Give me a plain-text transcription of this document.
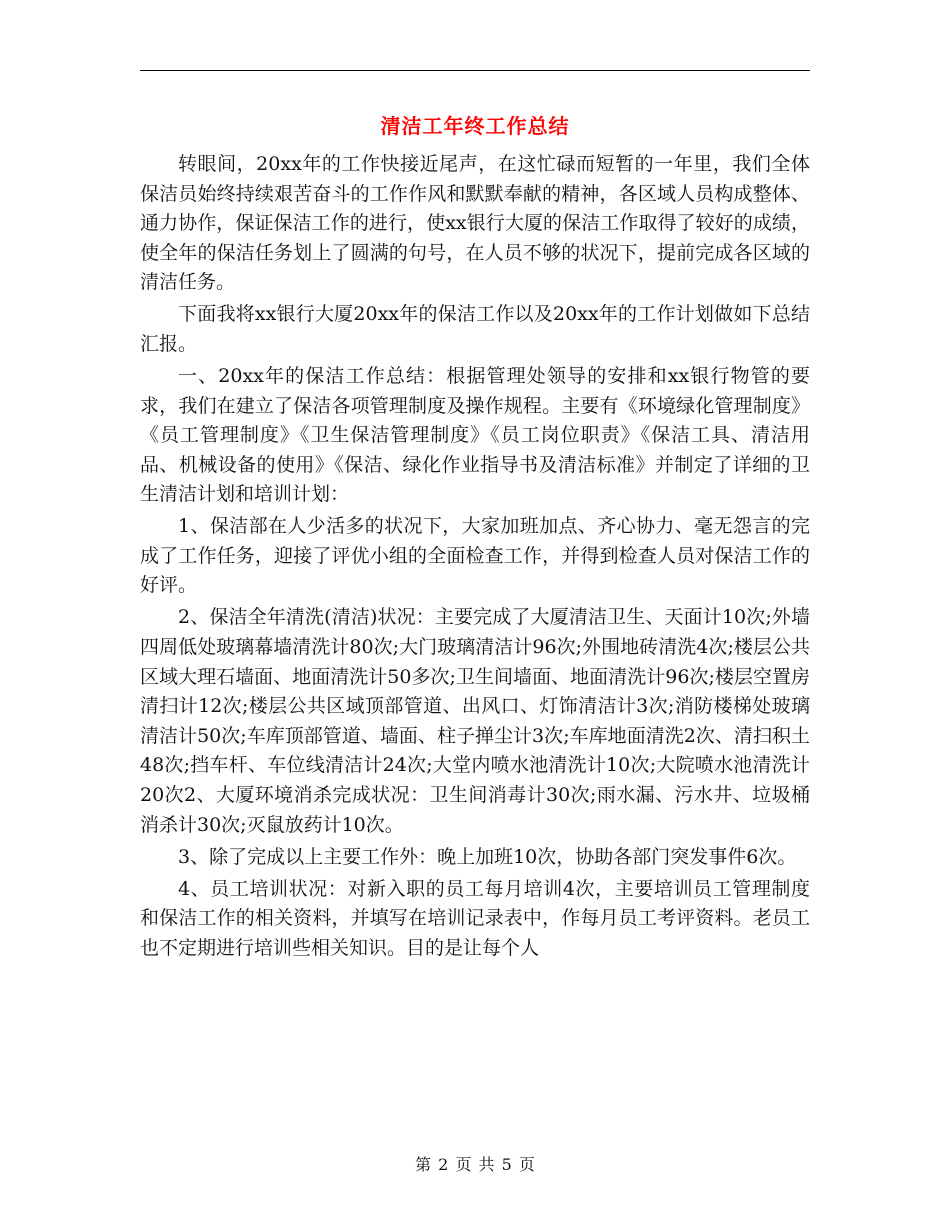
清洁工年终工作总结

转眼间，20xx年的工作快接近尾声，在这忙碌而短暂的一年里，我们全体保洁员始终持续艰苦奋斗的工作作风和默默奉献的精神，各区域人员构成整体、通力协作，保证保洁工作的进行，使xx银行大厦的保洁工作取得了较好的成绩，使全年的保洁任务划上了圆满的句号，在人员不够的状况下，提前完成各区域的清洁任务。

下面我将xx银行大厦20xx年的保洁工作以及20xx年的工作计划做如下总结汇报。

一、20xx年的保洁工作总结：根据管理处领导的安排和xx银行物管的要求，我们在建立了保洁各项管理制度及操作规程。主要有《环境绿化管理制度》《员工管理制度》《卫生保洁管理制度》《员工岗位职责》《保洁工具、清洁用品、机械设备的使用》《保洁、绿化作业指导书及清洁标准》并制定了详细的卫生清洁计划和培训计划：

1、保洁部在人少活多的状况下，大家加班加点、齐心协力、毫无怨言的完成了工作任务，迎接了评优小组的全面检查工作，并得到检查人员对保洁工作的好评。

2、保洁全年清洗(清洁)状况：主要完成了大厦清洁卫生、天面计10次;外墙四周低处玻璃幕墙清洗计80次;大门玻璃清洁计96次;外围地砖清洗4次;楼层公共区域大理石墙面、地面清洗计50多次;卫生间墙面、地面清洗计96次;楼层空置房清扫计12次;楼层公共区域顶部管道、出风口、灯饰清洁计3次;消防楼梯处玻璃清洁计50次;车库顶部管道、墙面、柱子掸尘计3次;车库地面清洗2次、清扫积土48次;挡车杆、车位线清洁计24次;大堂内喷水池清洗计10次;大院喷水池清洗计20次2、大厦环境消杀完成状况：卫生间消毒计30次;雨水漏、污水井、垃圾桶消杀计30次;灭鼠放药计10次。

3、除了完成以上主要工作外：晚上加班10次，协助各部门突发事件6次。

4、员工培训状况：对新入职的员工每月培训4次，主要培训员工管理制度和保洁工作的相关资料，并填写在培训记录表中，作每月员工考评资料。老员工也不定期进行培训些相关知识。目的是让每个人

第 2 页 共 5 页
